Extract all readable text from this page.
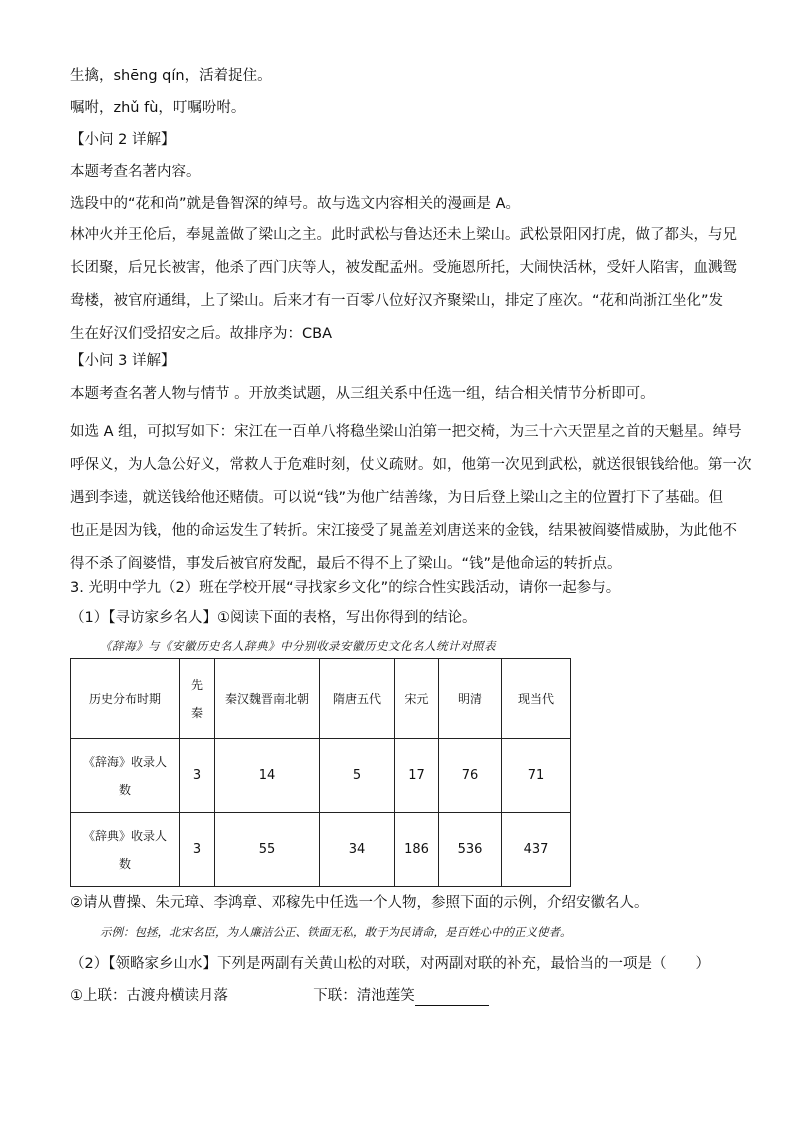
生擒，shēng qín，活着捉住。
嘱咐，zhǔ fù，叮嘱吩咐。
【小问 2 详解】
本题考查名著内容。
选段中的“花和尚”就是鲁智深的绰号。故与选文内容相关的漫画是 A。
林冲火并王伦后，奉晁盖做了梁山之主。此时武松与鲁达还未上梁山。武松景阳冈打虎，做了都头，与兄
长团聚，后兄长被害，他杀了西门庆等人，被发配孟州。受施恩所托，大闹快活林，受奸人陷害，血溅鸳
鸯楼，被官府通缉，上了梁山。后来才有一百零八位好汉齐聚梁山，排定了座次。“花和尚浙江坐化”发
生在好汉们受招安之后。故排序为：CBA
【小问 3 详解】
本题考查名著人物与情节 。开放类试题，从三组关系中任选一组，结合相关情节分析即可。
如选 A 组，可拟写如下：宋江在一百单八将稳坐梁山泊第一把交椅，为三十六天罡星之首的天魁星。绰号
呼保义，为人急公好义，常救人于危难时刻，仗义疏财。如，他第一次见到武松，就送很银钱给他。第一次
遇到李逵，就送钱给他还赌债。可以说“钱”为他广结善缘，为日后登上梁山之主的位置打下了基础。但
也正是因为钱，他的命运发生了转折。宋江接受了晁盖差刘唐送来的金钱，结果被阎婆惜威胁，为此他不
得不杀了阎婆惜，事发后被官府发配，最后不得不上了梁山。“钱”是他命运的转折点。
3. 光明中学九（2）班在学校开展“寻找家乡文化”的综合性实践活动，请你一起参与。
（1）【寻访家乡名人】①阅读下面的表格，写出你得到的结论。
《辞海》与《安徽历史名人辞典》中分别收录安徽历史文化名人统计对照表
历史分布时期	先秦	秦汉魏晋南北朝	隋唐五代	宋元	明清	现当代
《辞海》收录人数	3	14	5	17	76	71
《辞典》收录人数	3	55	34	186	536	437
②请从曹操、朱元璋、李鸿章、邓稼先中任选一个人物，参照下面的示例，介绍安徽名人。
示例：包拯，北宋名臣，为人廉洁公正、铁面无私，敢于为民请命，是百姓心中的正义使者。
（2）【领略家乡山水】下列是两副有关黄山松的对联，对两副对联的补充，最恰当的一项是（　　）
①上联：古渡舟横读月落	下联：清池莲笑
